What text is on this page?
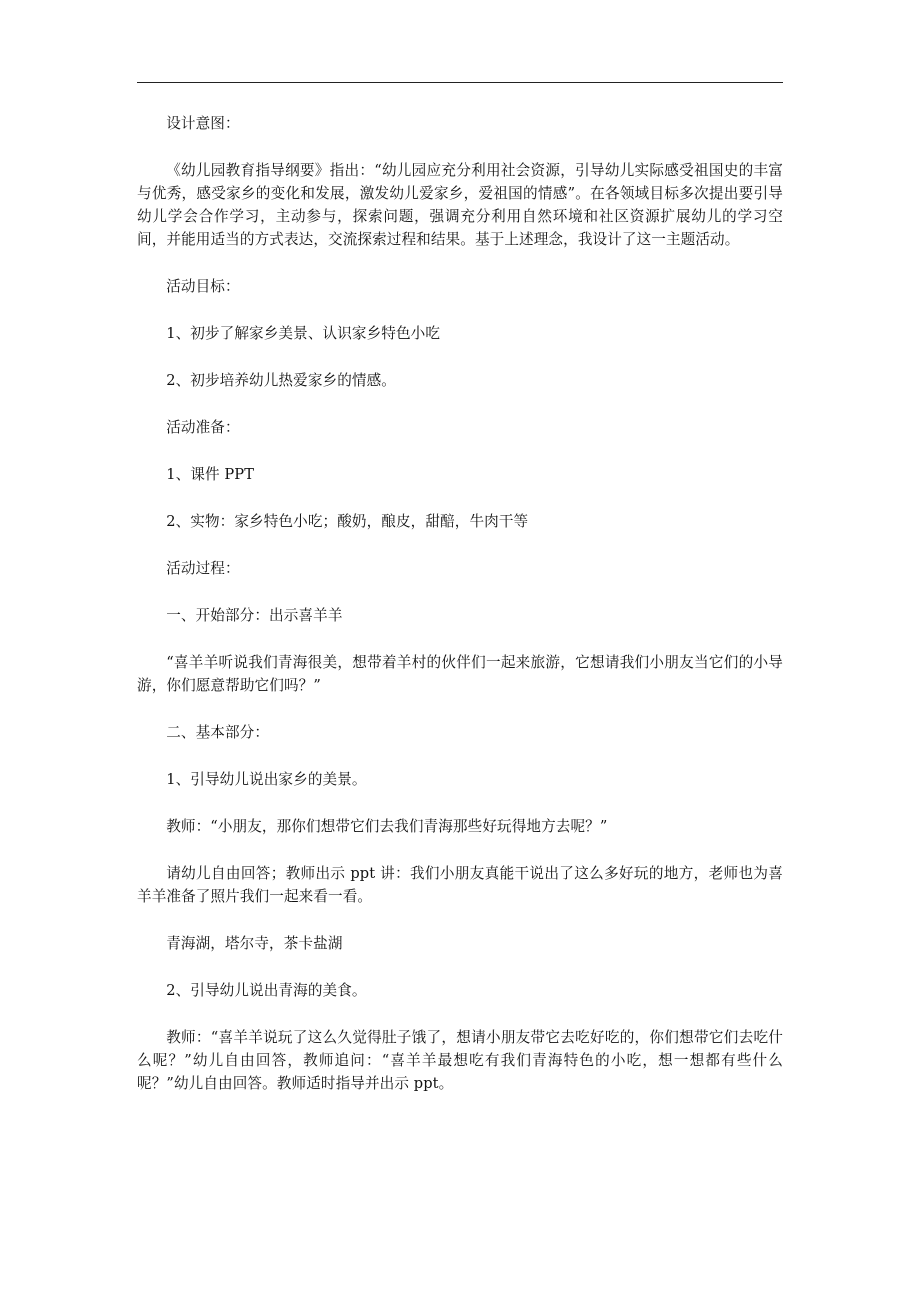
设计意图：

《幼儿园教育指导纲要》指出：“幼儿园应充分利用社会资源，引导幼儿实际感受祖国史的丰富与优秀，感受家乡的变化和发展，激发幼儿爱家乡，爱祖国的情感”。在各领域目标多次提出要引导幼儿学会合作学习，主动参与，探索问题，强调充分利用自然环境和社区资源扩展幼儿的学习空间，并能用适当的方式表达，交流探索过程和结果。基于上述理念，我设计了这一主题活动。

活动目标：

1、初步了解家乡美景、认识家乡特色小吃

2、初步培养幼儿热爱家乡的情感。

活动准备：

1、课件 PPT

2、实物：家乡特色小吃；酸奶，酿皮，甜醅，牛肉干等

活动过程：

一、开始部分：出示喜羊羊

“喜羊羊听说我们青海很美，想带着羊村的伙伴们一起来旅游，它想请我们小朋友当它们的小导游，你们愿意帮助它们吗？”

二、基本部分：

1、引导幼儿说出家乡的美景。

教师：“小朋友，那你们想带它们去我们青海那些好玩得地方去呢？”

请幼儿自由回答；教师出示 ppt 讲：我们小朋友真能干说出了这么多好玩的地方，老师也为喜羊羊准备了照片我们一起来看一看。

青海湖，塔尔寺，茶卡盐湖

2、引导幼儿说出青海的美食。

教师：“喜羊羊说玩了这么久觉得肚子饿了，想请小朋友带它去吃好吃的，你们想带它们去吃什么呢？”幼儿自由回答，教师追问：“喜羊羊最想吃有我们青海特色的小吃，想一想都有些什么呢？”幼儿自由回答。教师适时指导并出示 ppt。
